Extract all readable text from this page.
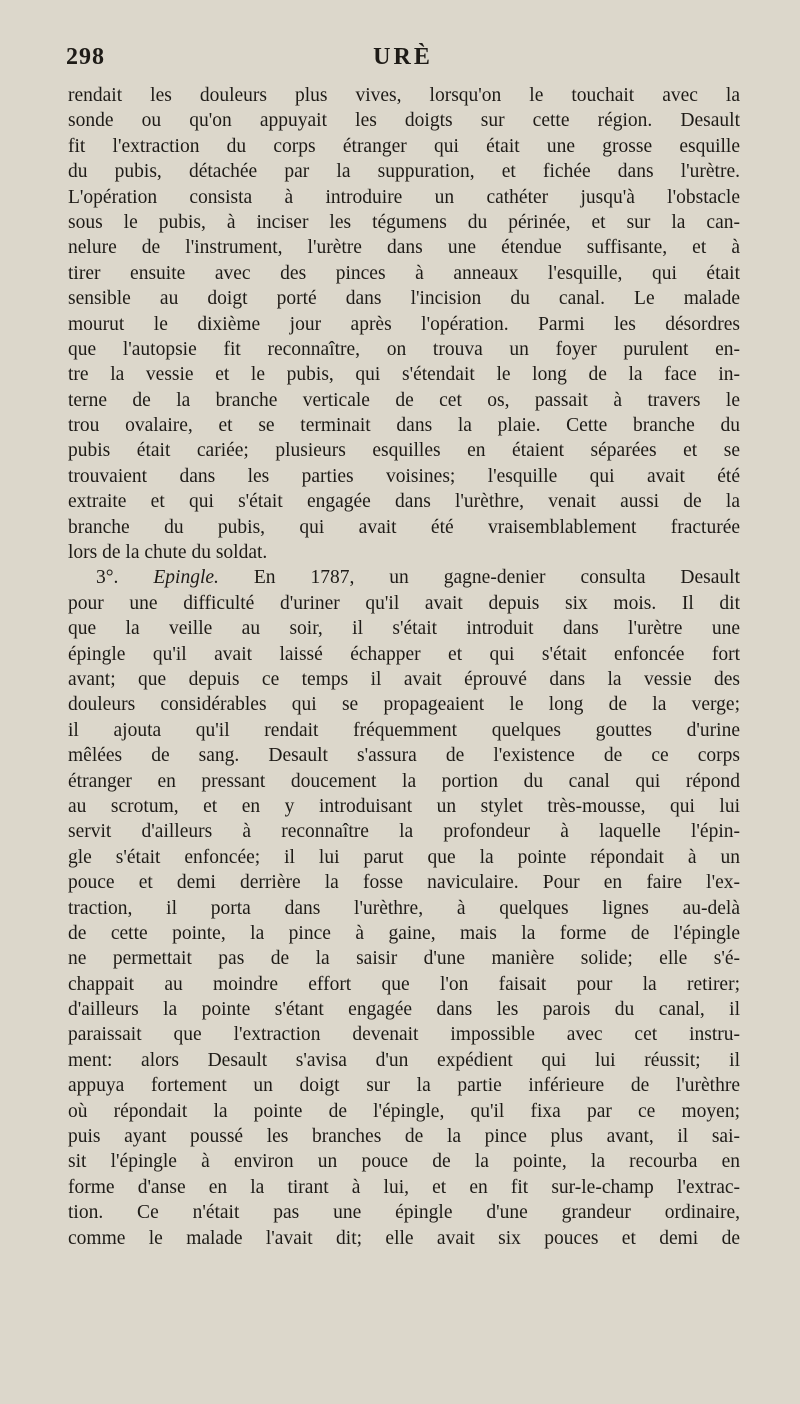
298	URÈ
rendait les douleurs plus vives, lorsqu'on le touchait avec la
sonde ou qu'on appuyait les doigts sur cette région. Desault
fit l'extraction du corps étranger qui était une grosse esquille
du pubis, détachée par la suppuration, et fichée dans l'urètre.
L'opération consista à introduire un cathéter jusqu'à l'obstacle
sous le pubis, à inciser les tégumens du périnée, et sur la can-
nelure de l'instrument, l'urètre dans une étendue suffisante, et à
tirer ensuite avec des pinces à anneaux l'esquille, qui était
sensible au doigt porté dans l'incision du canal. Le malade
mourut le dixième jour après l'opération. Parmi les désordres
que l'autopsie fit reconnaître, on trouva un foyer purulent en-
tre la vessie et le pubis, qui s'étendait le long de la face in-
terne de la branche verticale de cet os, passait à travers le
trou ovalaire, et se terminait dans la plaie. Cette branche du
pubis était cariée; plusieurs esquilles en étaient séparées et se
trouvaient dans les parties voisines; l'esquille qui avait été
extraite et qui s'était engagée dans l'urèthre, venait aussi de la
branche du pubis, qui avait été vraisemblablement fracturée
lors de la chute du soldat.
3°. Epingle. En 1787, un gagne-denier consulta Desault
pour une difficulté d'uriner qu'il avait depuis six mois. Il dit
que la veille au soir, il s'était introduit dans l'urètre une
épingle qu'il avait laissé échapper et qui s'était enfoncée fort
avant; que depuis ce temps il avait éprouvé dans la vessie des
douleurs considérables qui se propageaient le long de la verge;
il ajouta qu'il rendait fréquemment quelques gouttes d'urine
mêlées de sang. Desault s'assura de l'existence de ce corps
étranger en pressant doucement la portion du canal qui répond
au scrotum, et en y introduisant un stylet très-mousse, qui lui
servit d'ailleurs à reconnaître la profondeur à laquelle l'épin-
gle s'était enfoncée; il lui parut que la pointe répondait à un
pouce et demi derrière la fosse naviculaire. Pour en faire l'ex-
traction, il porta dans l'urèthre, à quelques lignes au-delà
de cette pointe, la pince à gaine, mais la forme de l'épingle
ne permettait pas de la saisir d'une manière solide; elle s'é-
chappait au moindre effort que l'on faisait pour la retirer;
d'ailleurs la pointe s'étant engagée dans les parois du canal, il
paraissait que l'extraction devenait impossible avec cet instru-
ment: alors Desault s'avisa d'un expédient qui lui réussit; il
appuya fortement un doigt sur la partie inférieure de l'urèthre
où répondait la pointe de l'épingle, qu'il fixa par ce moyen;
puis ayant poussé les branches de la pince plus avant, il sai-
sit l'épingle à environ un pouce de la pointe, la recourba en
forme d'anse en la tirant à lui, et en fit sur-le-champ l'extrac-
tion. Ce n'était pas une épingle d'une grandeur ordinaire,
comme le malade l'avait dit; elle avait six pouces et demi de
